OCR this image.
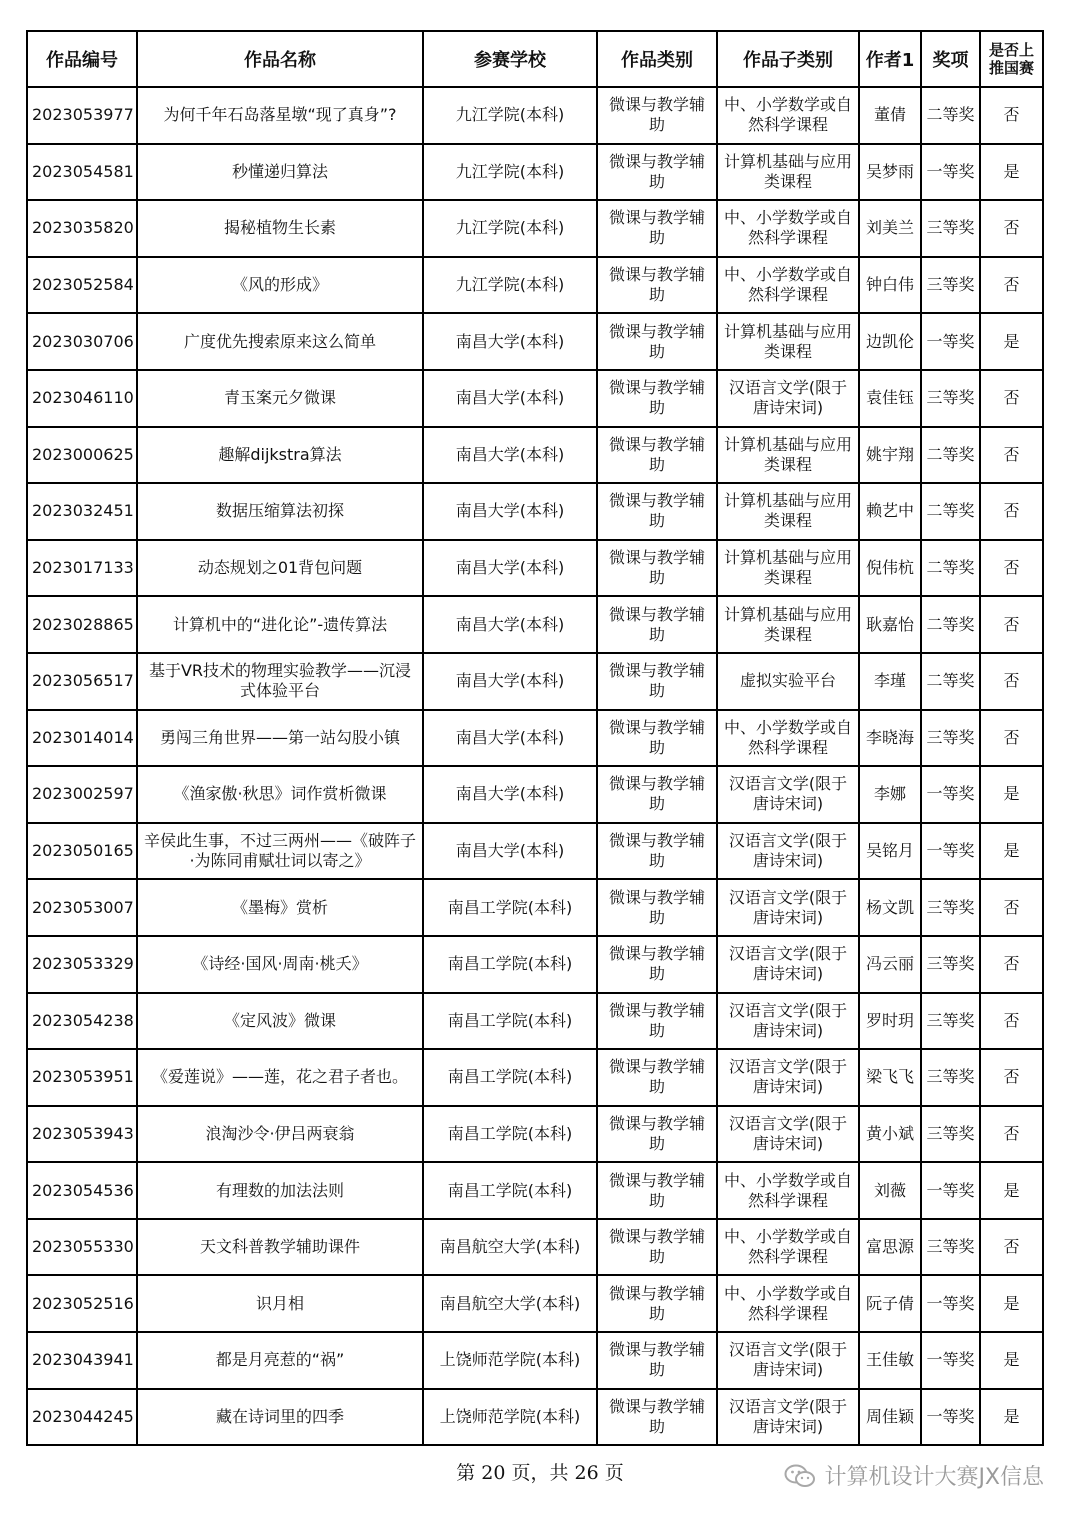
作品编号	作品名称	参赛学校	作品类别	作品子类别	作者1	奖项	是否上推国赛
2023053977	为何千年石岛落星墩“现了真身”?	九江学院(本科)	微课与教学辅助	中、小学数学或自然科学课程	董倩	二等奖	否
2023054581	秒懂递归算法	九江学院(本科)	微课与教学辅助	计算机基础与应用类课程	吴梦雨	一等奖	是
2023035820	揭秘植物生长素	九江学院(本科)	微课与教学辅助	中、小学数学或自然科学课程	刘美兰	三等奖	否
2023052584	《风的形成》	九江学院(本科)	微课与教学辅助	中、小学数学或自然科学课程	钟白伟	三等奖	否
2023030706	广度优先搜索原来这么简单	南昌大学(本科)	微课与教学辅助	计算机基础与应用类课程	边凯伦	一等奖	是
2023046110	青玉案元夕微课	南昌大学(本科)	微课与教学辅助	汉语言文学(限于唐诗宋词)	袁佳钰	三等奖	否
2023000625	趣解dijkstra算法	南昌大学(本科)	微课与教学辅助	计算机基础与应用类课程	姚宇翔	二等奖	否
2023032451	数据压缩算法初探	南昌大学(本科)	微课与教学辅助	计算机基础与应用类课程	赖艺中	二等奖	否
2023017133	动态规划之01背包问题	南昌大学(本科)	微课与教学辅助	计算机基础与应用类课程	倪伟杭	二等奖	否
2023028865	计算机中的“进化论”-遗传算法	南昌大学(本科)	微课与教学辅助	计算机基础与应用类课程	耿嘉怡	二等奖	否
2023056517	基于VR技术的物理实验教学——沉浸式体验平台	南昌大学(本科)	微课与教学辅助	虚拟实验平台	李瑾	二等奖	否
2023014014	勇闯三角世界——第一站勾股小镇	南昌大学(本科)	微课与教学辅助	中、小学数学或自然科学课程	李晓海	三等奖	否
2023002597	《渔家傲·秋思》词作赏析微课	南昌大学(本科)	微课与教学辅助	汉语言文学(限于唐诗宋词)	李娜	一等奖	是
2023050165	辛侯此生事，不过三两州——《破阵子·为陈同甫赋壮词以寄之》	南昌大学(本科)	微课与教学辅助	汉语言文学(限于唐诗宋词)	吴铭月	一等奖	是
2023053007	《墨梅》赏析	南昌工学院(本科)	微课与教学辅助	汉语言文学(限于唐诗宋词)	杨文凯	三等奖	否
2023053329	《诗经·国风·周南·桃夭》	南昌工学院(本科)	微课与教学辅助	汉语言文学(限于唐诗宋词)	冯云丽	三等奖	否
2023054238	《定风波》微课	南昌工学院(本科)	微课与教学辅助	汉语言文学(限于唐诗宋词)	罗时玥	三等奖	否
2023053951	《爱莲说》——莲，花之君子者也。	南昌工学院(本科)	微课与教学辅助	汉语言文学(限于唐诗宋词)	梁飞飞	三等奖	否
2023053943	浪淘沙令·伊吕两衰翁	南昌工学院(本科)	微课与教学辅助	汉语言文学(限于唐诗宋词)	黄小斌	三等奖	否
2023054536	有理数的加法法则	南昌工学院(本科)	微课与教学辅助	中、小学数学或自然科学课程	刘薇	一等奖	是
2023055330	天文科普教学辅助课件	南昌航空大学(本科)	微课与教学辅助	中、小学数学或自然科学课程	富思源	三等奖	否
2023052516	识月相	南昌航空大学(本科)	微课与教学辅助	中、小学数学或自然科学课程	阮子倩	一等奖	是
2023043941	都是月亮惹的“祸”	上饶师范学院(本科)	微课与教学辅助	汉语言文学(限于唐诗宋词)	王佳敏	一等奖	是
2023044245	藏在诗词里的四季	上饶师范学院(本科)	微课与教学辅助	汉语言文学(限于唐诗宋词)	周佳颖	一等奖	是
第 20 页，共 26 页	计算机设计大赛JX信息
